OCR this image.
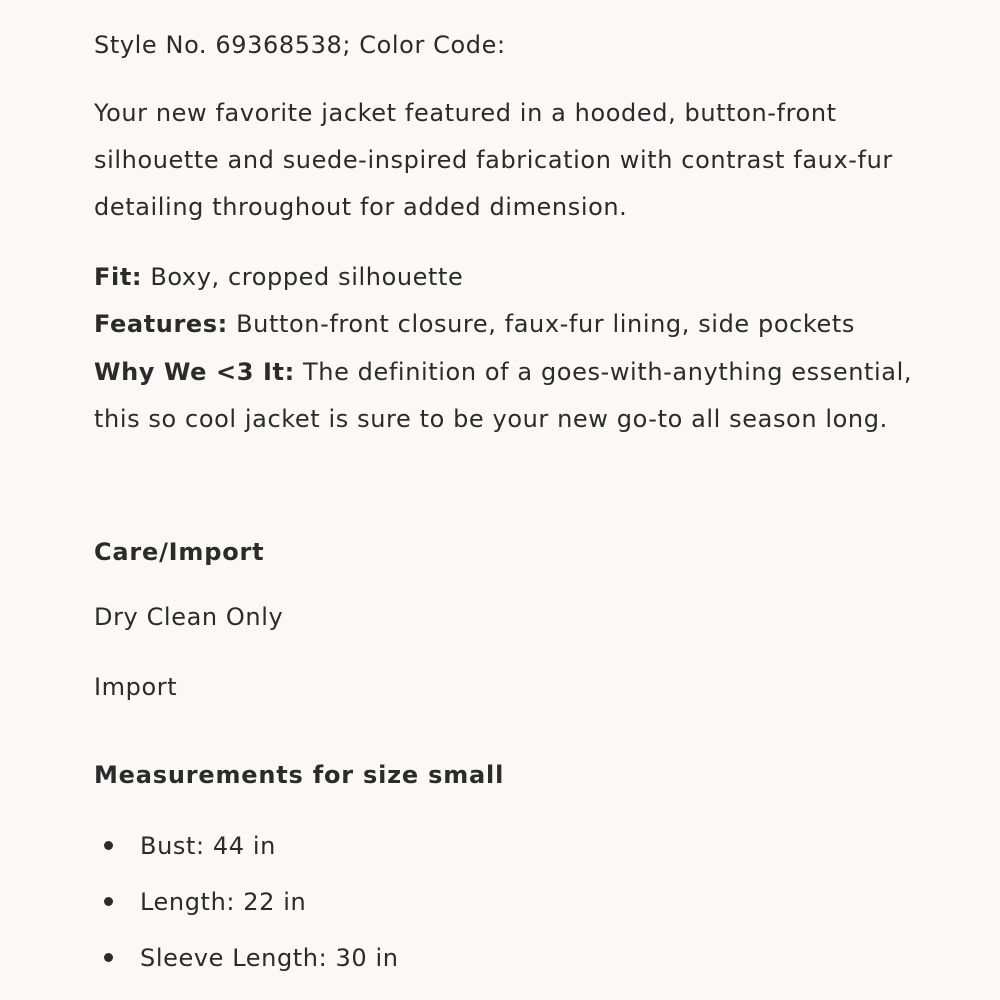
Style No. 69368538; Color Code:
Your new favorite jacket featured in a hooded, button-front silhouette and suede-inspired fabrication with contrast faux-fur detailing throughout for added dimension.
Fit: Boxy, cropped silhouette
Features: Button-front closure, faux-fur lining, side pockets
Why We <3 It: The definition of a goes-with-anything essential, this so cool jacket is sure to be your new go-to all season long.
Care/Import
Dry Clean Only
Import
Measurements for size small
Bust: 44 in
Length: 22 in
Sleeve Length: 30 in
